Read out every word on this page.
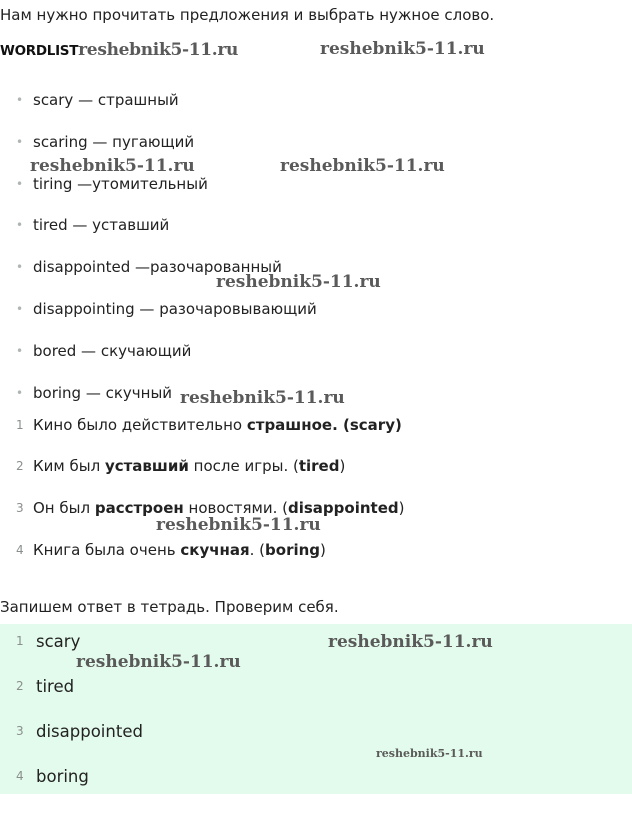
Нам нужно прочитать предложения и выбрать нужное слово.
WORDLISTreshebnik5-11.ru	reshebnik5-11.ru
• scary — страшный
• scaring — пугающий
reshebnik5-11.ru	reshebnik5-11.ru
• tiring —утомительный
• tired — уставший
• disappointed —разочарованный
reshebnik5-11.ru
• disappointing — разочаровывающий
• bored — скучающий
• boring — скучный reshebnik5-11.ru
1 Кино было действительно страшное. (scary)
2 Ким был уставший после игры. (tired)
3 Он был расстроен новостями. (disappointed)
reshebnik5-11.ru
4 Книга была очень скучная. (boring)
Запишем ответ в тетрадь. Проверим себя.
1 scary	reshebnik5-11.ru
reshebnik5-11.ru
2 tired
3 disappointed
reshebnik5-11.ru
4 boring
